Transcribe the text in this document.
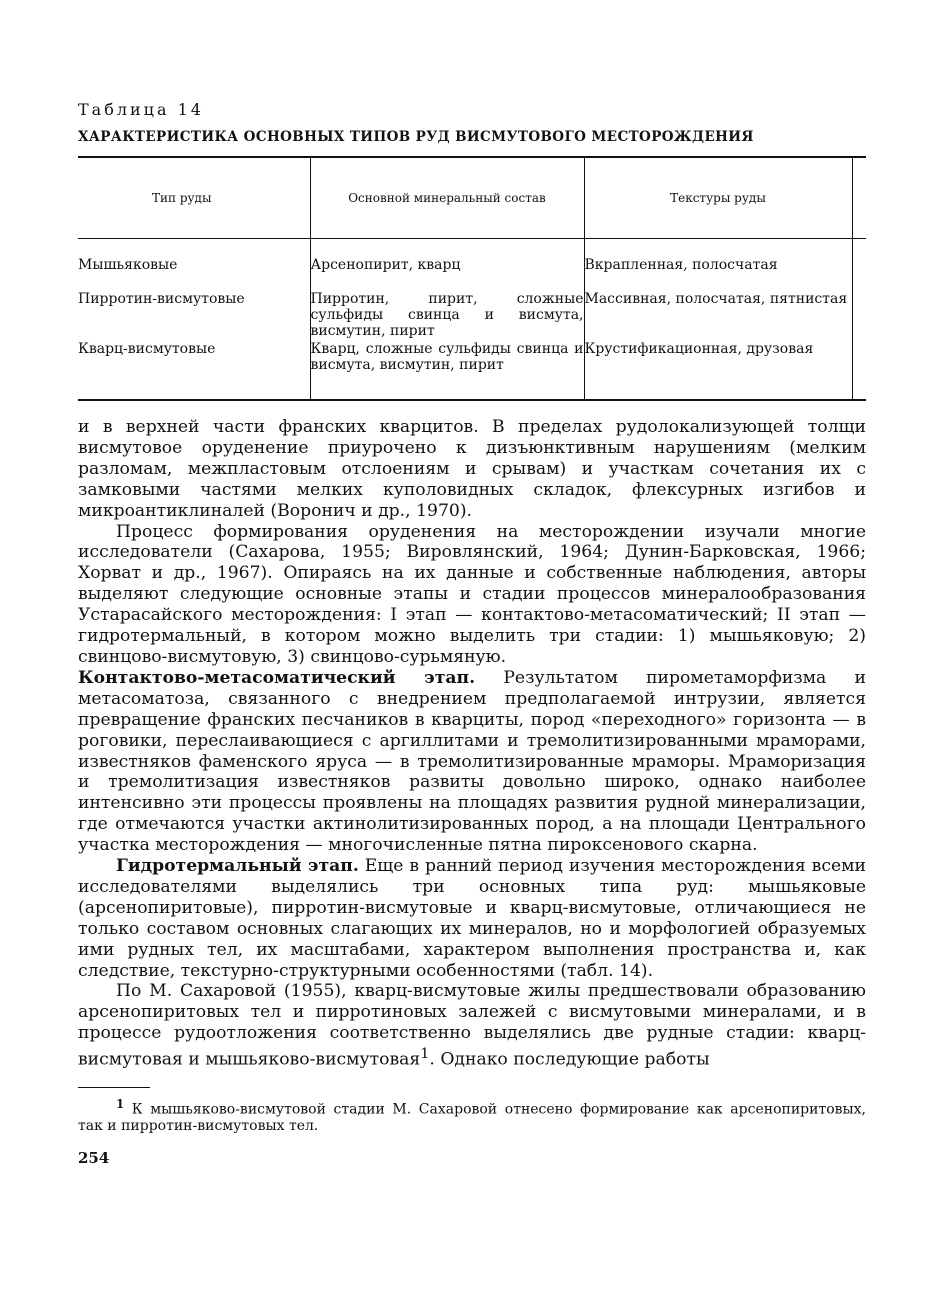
Таблица 14
ХАРАКТЕРИСТИКА ОСНОВНЫХ ТИПОВ РУД ВИСМУТОВОГО МЕСТОРОЖДЕНИЯ
Тип руды	Основной минеральный состав	Текстуры руды	
Мышьяковые	Арсенопирит, кварц	Вкрапленная, полосчатая	
Пирротин-висмутовые	Пирротин, пирит, сложные сульфиды свинца и висмута, висмутин, пирит	Массивная, полосчатая, пятнистая	
Кварц-висмутовые	Кварц, сложные сульфиды свинца и висмута, висмутин, пирит	Крустификационная, друзовая	

и в верхней части франских кварцитов. В пределах рудолокализующей толщи висмутовое оруденение приурочено к дизъюнктивным нарушениям (мелким разломам, межпластовым отслоениям и срывам) и участкам сочетания их с замковыми частями мелких куполовидных складок, флексурных изгибов и микроантиклиналей (Воронич и др., 1970).

Процесс формирования оруденения на месторождении изучали многие исследователи (Сахарова, 1955; Вировлянский, 1964; Дунин-Барковская, 1966; Хорват и др., 1967). Опираясь на их данные и собственные наблюдения, авторы выделяют следующие основные этапы и стадии процессов минералообразования Устарасайского месторождения: I этап — контактово-метасоматический; II этап — гидротермальный, в котором можно выделить три стадии: 1) мышьяковую; 2) свинцово-висмутовую, 3) свинцово-сурьмяную.

Контактово-метасоматический этап. Результатом пирометаморфизма и метасоматоза, связанного с внедрением предполагаемой интрузии, является превращение франских песчаников в кварциты, пород «переходного» горизонта — в роговики, переслаивающиеся с аргиллитами и тремолитизированными мраморами, известняков фаменского яруса — в тремолитизированные мраморы. Мраморизация и тремолитизация известняков развиты довольно широко, однако наиболее интенсивно эти процессы проявлены на площадях развития рудной минерализации, где отмечаются участки актинолитизированных пород, а на площади Центрального участка месторождения — многочисленные пятна пироксенового скарна.

Гидротермальный этап. Еще в ранний период изучения месторождения всеми исследователями выделялись три основных типа руд: мышьяковые (арсенопиритовые), пирротин-висмутовые и кварц-висмутовые, отличающиеся не только составом основных слагающих их минералов, но и морфологией образуемых ими рудных тел, их масштабами, характером выполнения пространства и, как следствие, текстурно-структурными особенностями (табл. 14).

По М. Сахаровой (1955), кварц-висмутовые жилы предшествовали образованию арсенопиритовых тел и пирротиновых залежей с висмутовыми минералами, и в процессе рудоотложения соответственно выделялись две рудные стадии: кварц-висмутовая и мышьяково-висмутовая$^1$. Однако последующие работы

$^1$ К мышьяково-висмутовой стадии М. Сахаровой отнесено формирование как арсенопиритовых, так и пирротин-висмутовых тел.

254
